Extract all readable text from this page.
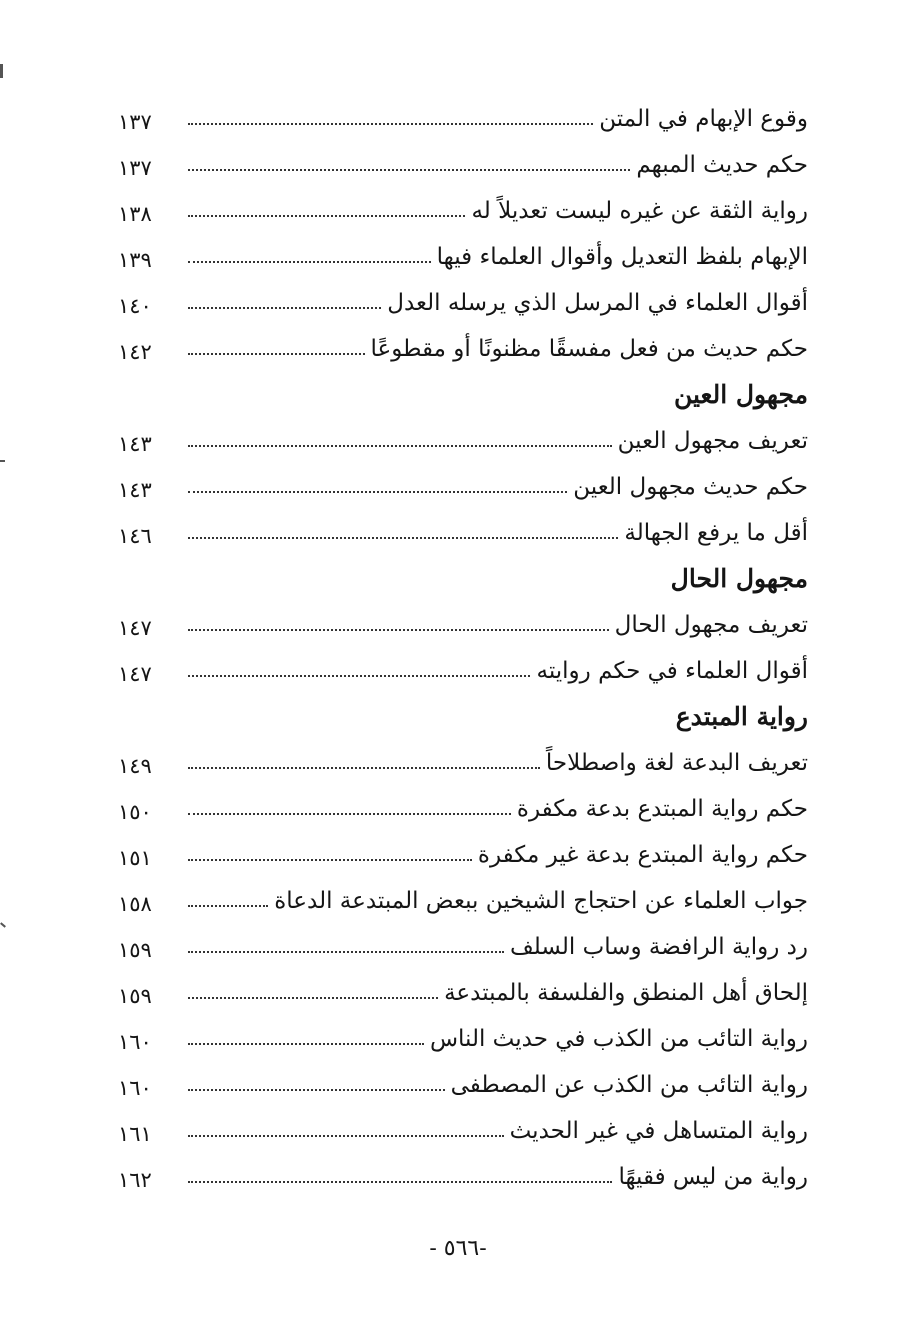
وقوع الإبهام في المتن
١٣٧
حكم حديث المبهم
١٣٧
رواية الثقة عن غيره ليست تعديلاً له
١٣٨
الإبهام بلفظ التعديل وأقوال العلماء فيها
١٣٩
أقوال العلماء في المرسل الذي يرسله العدل
١٤٠
حكم حديث من فعل مفسقًا مظنونًا أو مقطوعًا
١٤٢
مجهول العين
تعريف مجهول العين
١٤٣
حكم حديث مجهول العين
١٤٣
أقل ما يرفع الجهالة
١٤٦
مجهول الحال
تعريف مجهول الحال
١٤٧
أقوال العلماء في حكم روايته
١٤٧
رواية المبتدع
تعريف البدعة لغة واصطلاحاً
١٤٩
حكم رواية المبتدع بدعة مكفرة
١٥٠
حكم رواية المبتدع بدعة غير مكفرة
١٥١
جواب العلماء عن احتجاج الشيخين ببعض المبتدعة الدعاة
١٥٨
رد رواية الرافضة وساب السلف
١٥٩
إلحاق أهل المنطق والفلسفة بالمبتدعة
١٥٩
رواية التائب من الكذب في حديث الناس
١٦٠
رواية التائب من الكذب عن المصطفى
١٦٠
رواية المتساهل في غير الحديث
١٦١
رواية من ليس فقيهًا
١٦٢
- ٥٦٦-
